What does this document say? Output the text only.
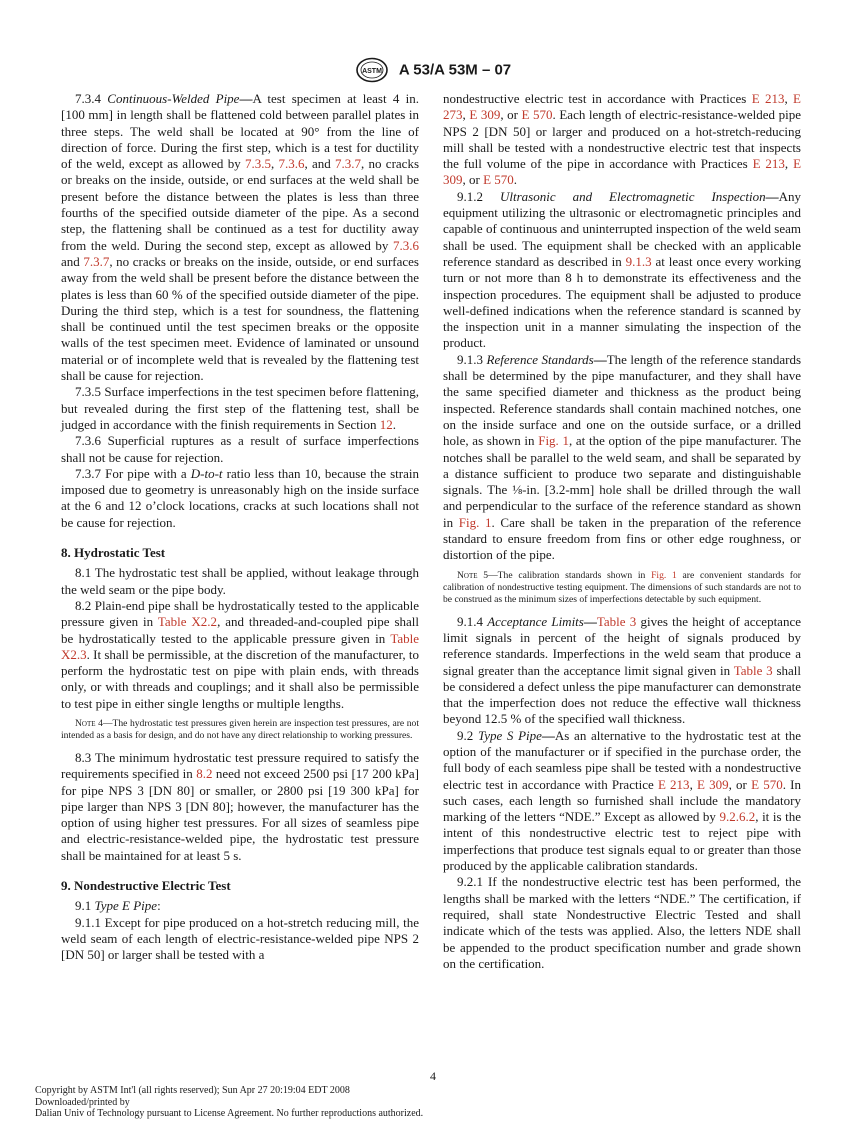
ASTM A 53/A 53M – 07

7.3.4 Continuous-Welded Pipe—A test specimen at least 4 in. [100 mm] in length shall be flattened cold between parallel plates in three steps. The weld shall be located at 90° from the line of direction of force. During the first step, which is a test for ductility of the weld, except as allowed by 7.3.5, 7.3.6, and 7.3.7, no cracks or breaks on the inside, outside, or end surfaces at the weld shall be present before the distance between the plates is less than three fourths of the specified outside diameter of the pipe. As a second step, the flattening shall be continued as a test for ductility away from the weld. During the second step, except as allowed by 7.3.6 and 7.3.7, no cracks or breaks on the inside, outside, or end surfaces away from the weld shall be present before the distance between the plates is less than 60 % of the specified outside diameter of the pipe. During the third step, which is a test for soundness, the flattening shall be continued until the test specimen breaks or the opposite walls of the test specimen meet. Evidence of laminated or unsound material or of incomplete weld that is revealed by the flattening test shall be cause for rejection.

7.3.5 Surface imperfections in the test specimen before flattening, but revealed during the first step of the flattening test, shall be judged in accordance with the finish requirements in Section 12.

7.3.6 Superficial ruptures as a result of surface imperfections shall not be cause for rejection.

7.3.7 For pipe with a D-to-t ratio less than 10, because the strain imposed due to geometry is unreasonably high on the inside surface at the 6 and 12 o’clock locations, cracks at such locations shall not be cause for rejection.

8. Hydrostatic Test

8.1 The hydrostatic test shall be applied, without leakage through the weld seam or the pipe body.

8.2 Plain-end pipe shall be hydrostatically tested to the applicable pressure given in Table X2.2, and threaded-and-coupled pipe shall be hydrostatically tested to the applicable pressure given in Table X2.3. It shall be permissible, at the discretion of the manufacturer, to perform the hydrostatic test on pipe with plain ends, with threads only, or with threads and couplings; and it shall also be permissible to test pipe in either single lengths or multiple lengths.

Note 4—The hydrostatic test pressures given herein are inspection test pressures, are not intended as a basis for design, and do not have any direct relationship to working pressures.

8.3 The minimum hydrostatic test pressure required to satisfy the requirements specified in 8.2 need not exceed 2500 psi [17 200 kPa] for pipe NPS 3 [DN 80] or smaller, or 2800 psi [19 300 kPa] for pipe larger than NPS 3 [DN 80]; however, the manufacturer has the option of using higher test pressures. For all sizes of seamless pipe and electric-resistance-welded pipe, the hydrostatic test pressure shall be maintained for at least 5 s.

9. Nondestructive Electric Test

9.1 Type E Pipe:

9.1.1 Except for pipe produced on a hot-stretch reducing mill, the weld seam of each length of electric-resistance-welded pipe NPS 2 [DN 50] or larger shall be tested with a

nondestructive electric test in accordance with Practices E 213, E 273, E 309, or E 570. Each length of electric-resistance-welded pipe NPS 2 [DN 50] or larger and produced on a hot-stretch-reducing mill shall be tested with a nondestructive electric test that inspects the full volume of the pipe in accordance with Practices E 213, E 309, or E 570.

9.1.2 Ultrasonic and Electromagnetic Inspection—Any equipment utilizing the ultrasonic or electromagnetic principles and capable of continuous and uninterrupted inspection of the weld seam shall be used. The equipment shall be checked with an applicable reference standard as described in 9.1.3 at least once every working turn or not more than 8 h to demonstrate its effectiveness and the inspection procedures. The equipment shall be adjusted to produce well-defined indications when the reference standard is scanned by the inspection unit in a manner simulating the inspection of the product.

9.1.3 Reference Standards—The length of the reference standards shall be determined by the pipe manufacturer, and they shall have the same specified diameter and thickness as the product being inspected. Reference standards shall contain machined notches, one on the inside surface and one on the outside surface, or a drilled hole, as shown in Fig. 1, at the option of the pipe manufacturer. The notches shall be parallel to the weld seam, and shall be separated by a distance sufficient to produce two separate and distinguishable signals. The ⅛-in. [3.2-mm] hole shall be drilled through the wall and perpendicular to the surface of the reference standard as shown in Fig. 1. Care shall be taken in the preparation of the reference standard to ensure freedom from fins or other edge roughness, or distortion of the pipe.

Note 5—The calibration standards shown in Fig. 1 are convenient standards for calibration of nondestructive testing equipment. The dimensions of such standards are not to be construed as the minimum sizes of imperfections detectable by such equipment.

9.1.4 Acceptance Limits—Table 3 gives the height of acceptance limit signals in percent of the height of signals produced by reference standards. Imperfections in the weld seam that produce a signal greater than the acceptance limit signal given in Table 3 shall be considered a defect unless the pipe manufacturer can demonstrate that the imperfection does not reduce the effective wall thickness beyond 12.5 % of the specified wall thickness.

9.2 Type S Pipe—As an alternative to the hydrostatic test at the option of the manufacturer or if specified in the purchase order, the full body of each seamless pipe shall be tested with a nondestructive electric test in accordance with Practice E 213, E 309, or E 570. In such cases, each length so furnished shall include the mandatory marking of the letters “NDE.” Except as allowed by 9.2.6.2, it is the intent of this nondestructive electric test to reject pipe with imperfections that produce test signals equal to or greater than those produced by the applicable calibration standards.

9.2.1 If the nondestructive electric test has been performed, the lengths shall be marked with the letters “NDE.” The certification, if required, shall state Nondestructive Electric Tested and shall indicate which of the tests was applied. Also, the letters NDE shall be appended to the product specification number and grade shown on the certification.

4
Copyright by ASTM Int'l (all rights reserved); Sun Apr 27 20:19:04 EDT 2008
Downloaded/printed by
Dalian Univ of Technology pursuant to License Agreement. No further reproductions authorized.
